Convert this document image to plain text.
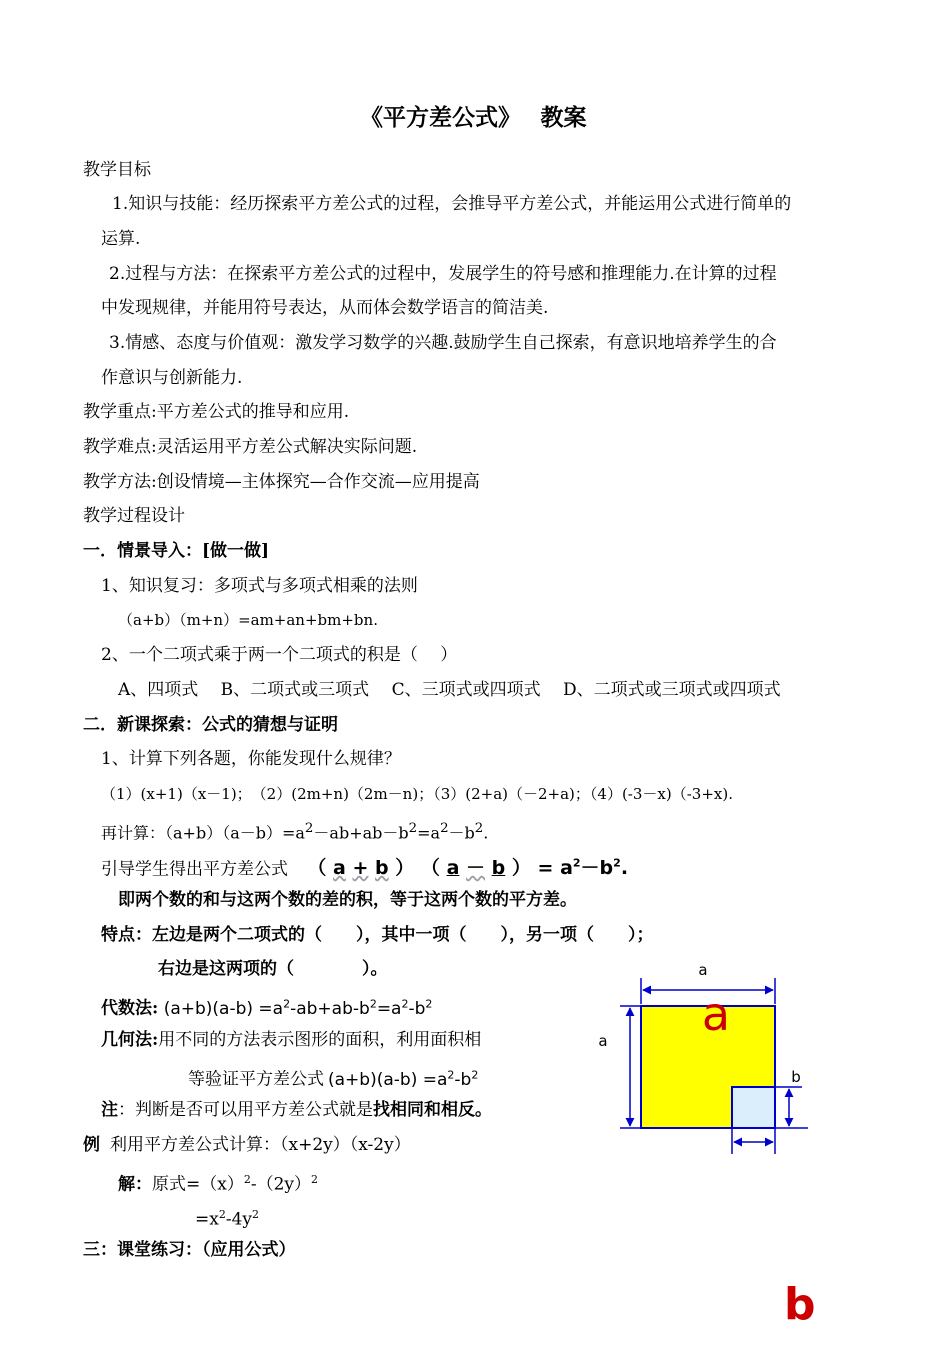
《平方差公式》　 教案
教学目标
1.知识与技能：经历探索平方差公式的过程，会推导平方差公式，并能运用公式进行简单的
运算.
2.过程与方法：在探索平方差公式的过程中，发展学生的符号感和推理能力.在计算的过程
中发现规律，并能用符号表达，从而体会数学语言的简洁美.
3.情感、态度与价值观：激发学习数学的兴趣.鼓励学生自己探索，有意识地培养学生的合
作意识与创新能力.
教学重点:平方差公式的推导和应用.
教学难点:灵活运用平方差公式解决实际问题.
教学方法:创设情境—主体探究—合作交流—应用提高
教学过程设计
一．情景导入：[做一做]
1、知识复习：多项式与多项式相乘的法则
（a+b）（m+n）=am+an+bm+bn.
2、一个二项式乘于两一个二项式的积是（　 ）
A、四项式　 B、二项式或三项式　 C、三项式或四项式　 D、二项式或三项式或四项式
二．新课探索：公式的猜想与证明
1、计算下列各题，你能发现什么规律？
（1）(x+1)（x－1)；　（2）(2m+n)（2m－n)；（3）(2+a)（－2+a)；（4）(-3－x)（-3+x).
再计算：$(a+b)(a-b)=a^2-ab+ab-b^2=a^2-b^2$.
引导学生得出平方差公式 （ a + b ） （ a － b ） = $a^2-b^2$.
即两个数的和与这两个数的差的积，等于这两个数的平方差。
特点：左边是两个二项式的（　　），其中一项（　　），另一项（　　）；
右边是这两项的（　　　　）。
代数法: $(a+b)(a-b) =a^2-ab+ab-b^2=a^2-b^2$
几何法:用不同的方法表示图形的面积，利用面积相
等验证平方差公式 $(a+b)(a-b) =a^2-b^2$
注：判断是否可以用平方差公式就是找相同和相反。
例 利用平方差公式计算：（x+2y）（x-2y）
解：原式$=(x)^2-(2y)^2$
$=x^2-4y^2$
三：课堂练习：（应用公式）
a
a
a
b
b
